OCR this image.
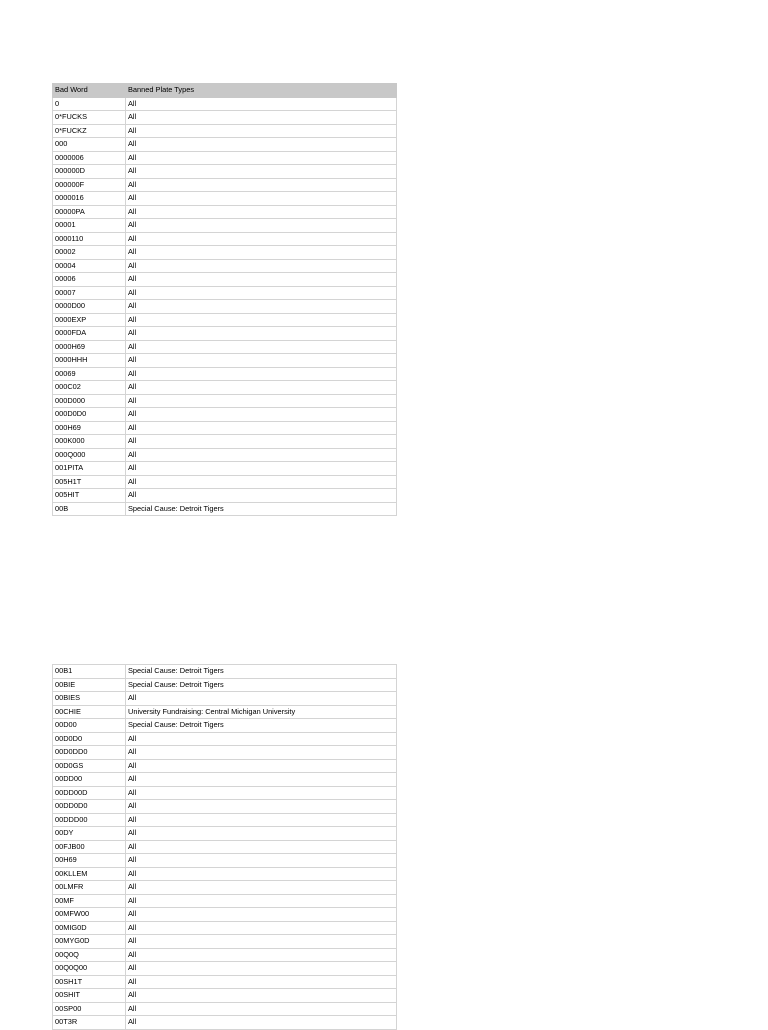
Bad Word	Banned Plate Types
0	All
0*FUCKS	All
0*FUCKZ	All
000	All
0000006	All
000000D	All
000000F	All
0000016	All
00000PA	All
00001	All
0000110	All
00002	All
00004	All
00006	All
00007	All
0000D00	All
0000EXP	All
0000FDA	All
0000H69	All
0000HHH	All
00069	All
000C02	All
000D000	All
000D0D0	All
000H69	All
000K000	All
000Q000	All
001PITA	All
005H1T	All
005HIT	All
00B	Special Cause: Detroit Tigers
00B1	Special Cause: Detroit Tigers
00BIE	Special Cause: Detroit Tigers
00BIES	All
00CHIE	University Fundraising: Central Michigan University
00D00	Special Cause: Detroit Tigers
00D0D0	All
00D0DD0	All
00D0GS	All
00DD00	All
00DD00D	All
00DD0D0	All
00DDD00	All
00DY	All
00FJB00	All
00H69	All
00KLLEM	All
00LMFR	All
00MF	All
00MFW00	All
00MIG0D	All
00MYG0D	All
00Q0Q	All
00Q0Q00	All
00SH1T	All
00SHIT	All
00SP00	All
00T3R	All
